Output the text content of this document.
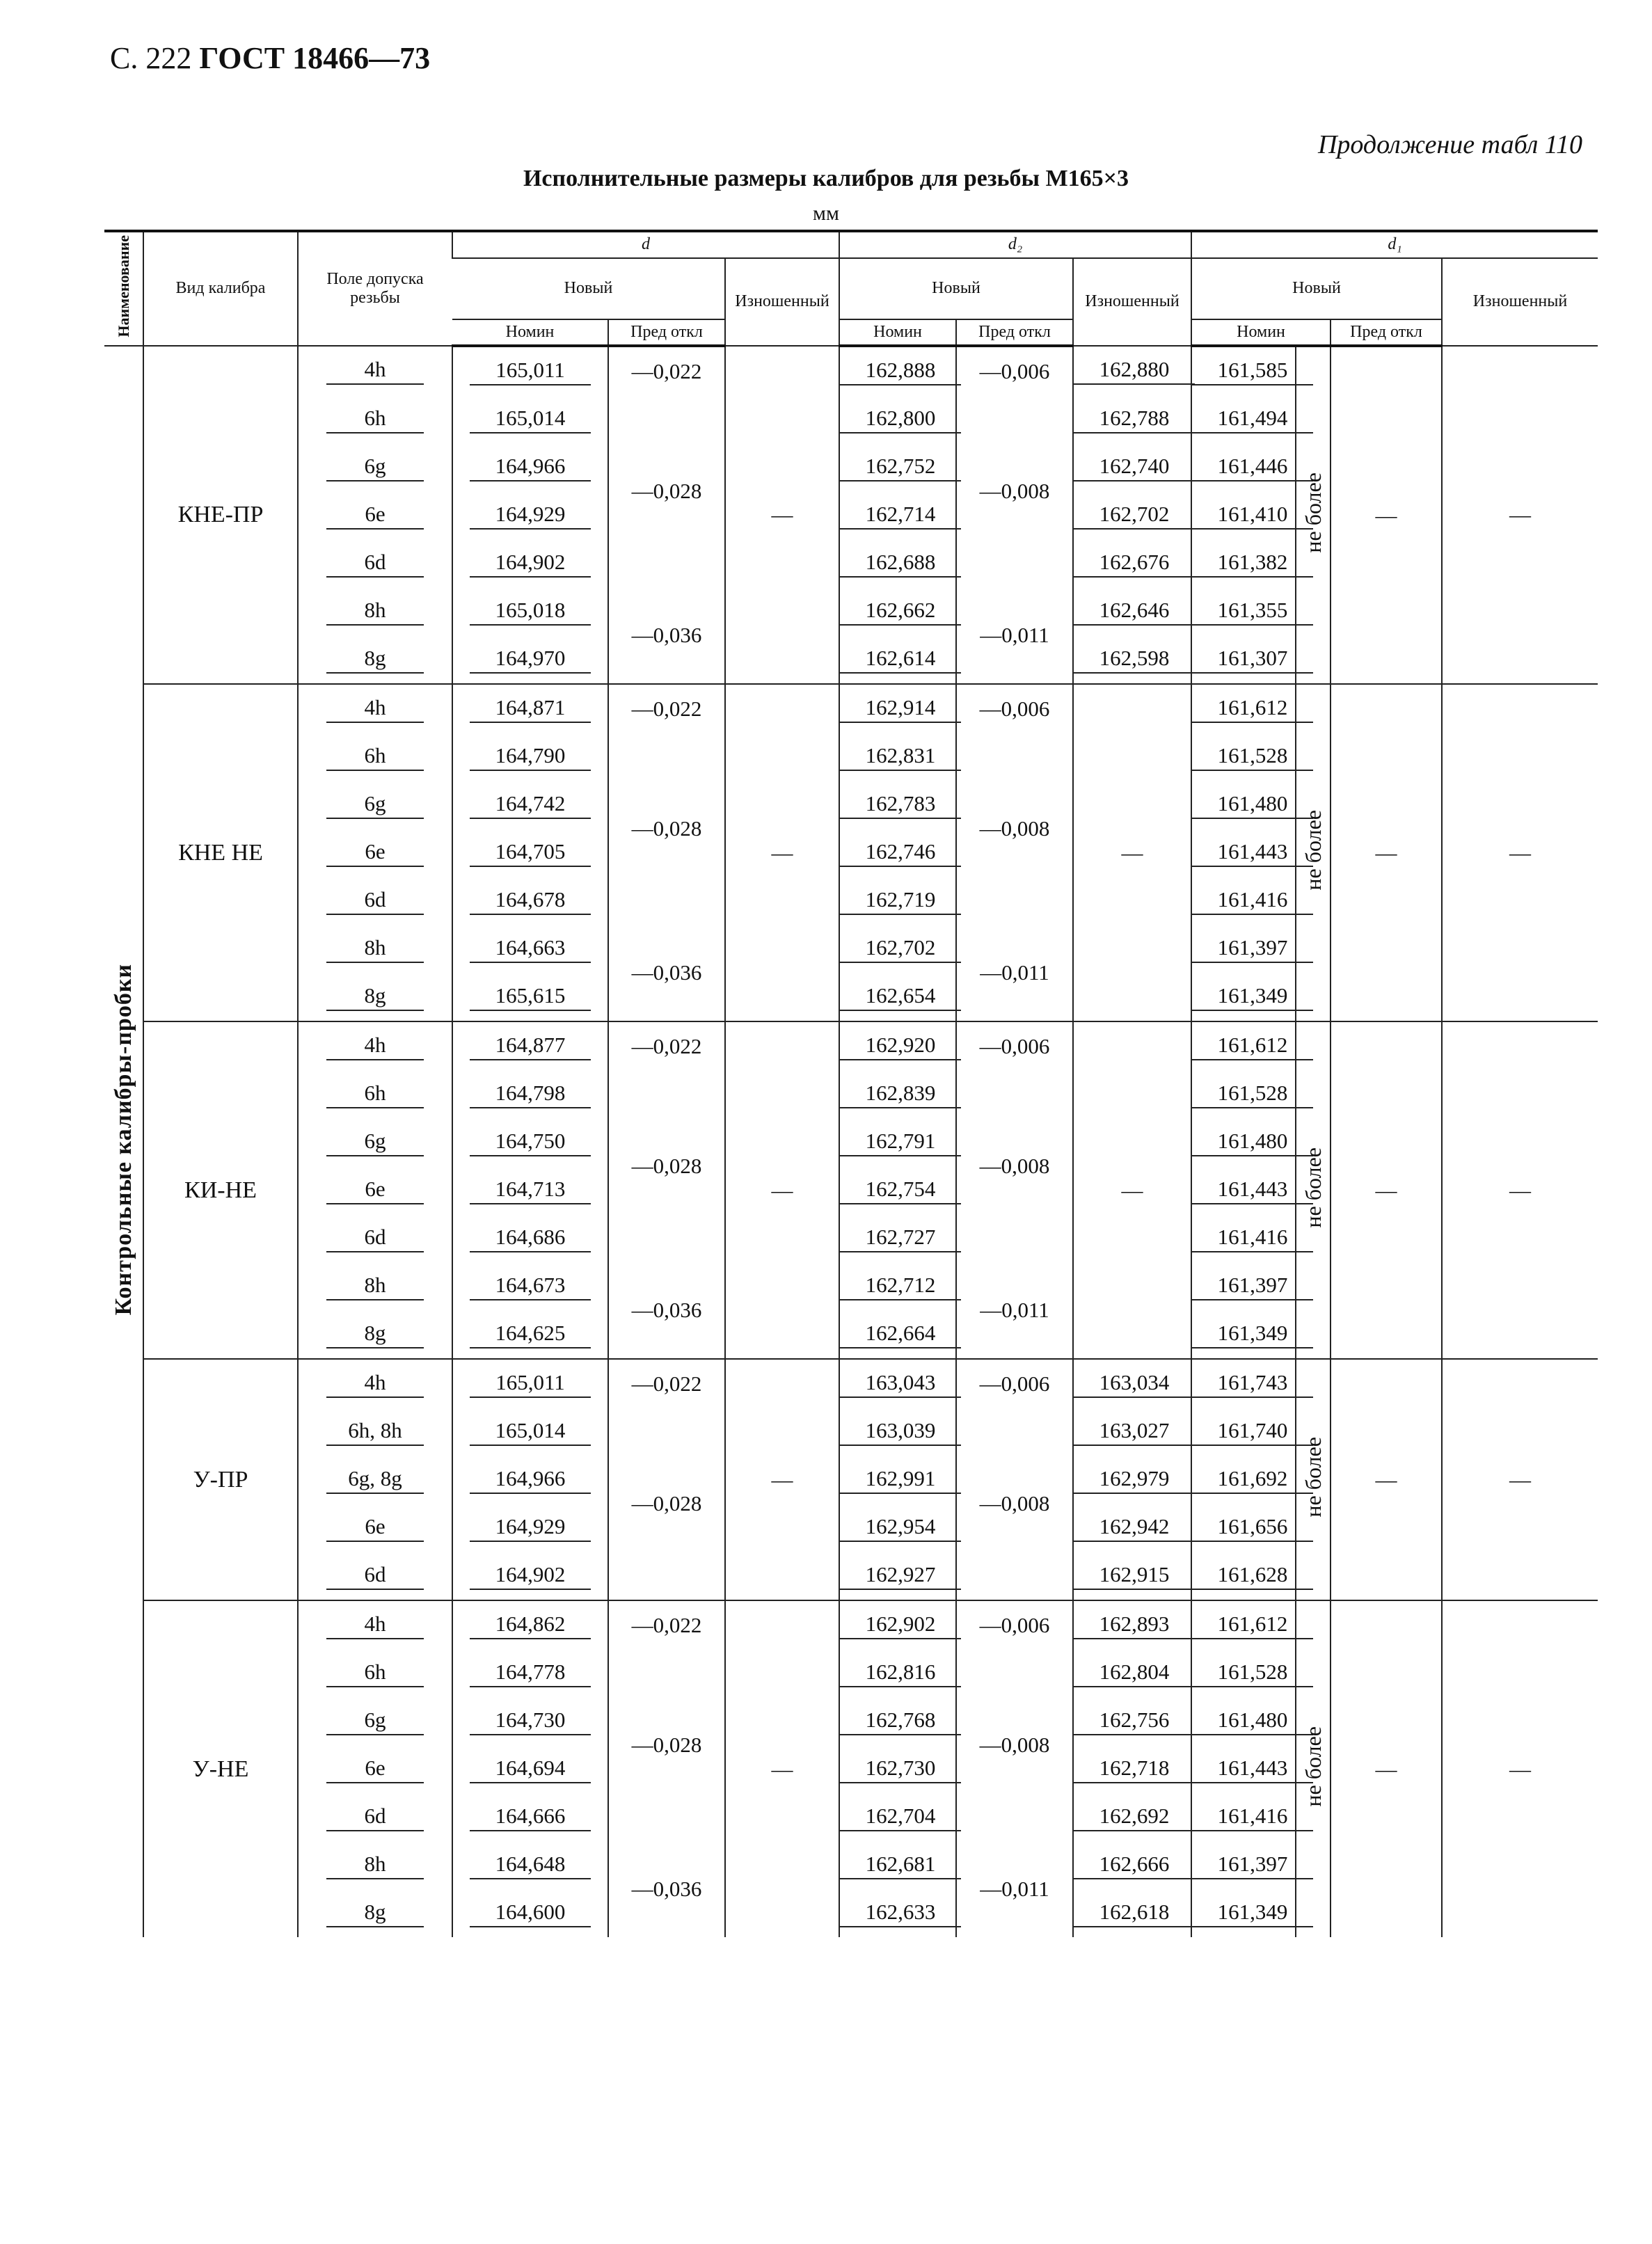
С. 222 ГОСТ 18466—73
Продолжение табл 110
Исполнительные размеры калибров для резьбы М165×3
мм
Наименование	Вид калибра	Поле допуска резьбы	d			d₂			d₁			
			Новый		Изношенный	Новый		Изношенный	Новый			Изношенный
			Номин	Пред откл		Номин	Пред откл		Номин		Пред откл	
Контрольные калибры-пробки	КНЕ-ПР	4h	165,011	—0,022	—	162,888	—0,006	162,880	161,585	не более	—	—
		6h	165,014	—0,028		162,800	—0,008	162,788	161,494			
		6g	164,966			162,752		162,740	161,446			
		6e	164,929			162,714		162,702	161,410			
		6d	164,902			162,688		162,676	161,382			
		8h	165,018	—0,036		162,662	—0,011	162,646	161,355			
		8g	164,970			162,614		162,598	161,307			
	КНЕ НЕ	4h	164,871	—0,022	—	162,914	—0,006	—	161,612	не более	—	—
		6h	164,790	—0,028		162,831	—0,008		161,528			
		6g	164,742			162,783			161,480			
		6e	164,705			162,746			161,443			
		6d	164,678			162,719			161,416			
		8h	164,663	—0,036		162,702	—0,011		161,397			
		8g	165,615			162,654			161,349			
	КИ-НЕ	4h	164,877	—0,022	—	162,920	—0,006	—	161,612	не более	—	—
		6h	164,798	—0,028		162,839	—0,008		161,528			
		6g	164,750			162,791			161,480			
		6e	164,713			162,754			161,443			
		6d	164,686			162,727			161,416			
		8h	164,673	—0,036		162,712	—0,011		161,397			
		8g	164,625			162,664			161,349			
	У-ПР	4h	165,011	—0,022	—	163,043	—0,006	163,034	161,743	не более	—	—
		6h, 8h	165,014	—0,028		163,039	—0,008	163,027	161,740			
		6g, 8g	164,966			162,991		162,979	161,692			
		6e	164,929			162,954		162,942	161,656			
		6d	164,902			162,927		162,915	161,628			
	У-НЕ	4h	164,862	—0,022	—	162,902	—0,006	162,893	161,612	не более	—	—
		6h	164,778	—0,028		162,816	—0,008	162,804	161,528			
		6g	164,730			162,768		162,756	161,480			
		6e	164,694			162,730		162,718	161,443			
		6d	164,666			162,704		162,692	161,416			
		8h	164,648	—0,036		162,681	—0,011	162,666	161,397			
		8g	164,600			162,633		162,618	161,349			
